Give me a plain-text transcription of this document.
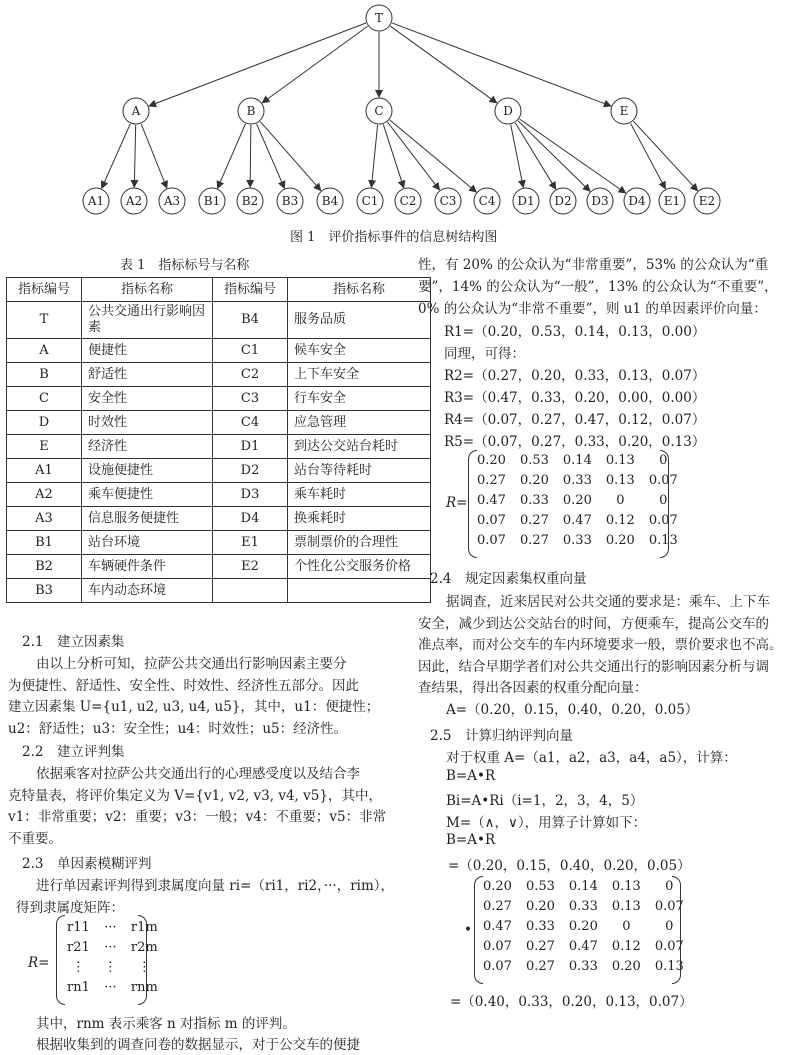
T
A	B	C	D	E
A1 A2 A3 B1 B2 B3 B4 C1 C2 C3 C4 D1 D2 D3 D4 E1 E2
图 1　评价指标事件的信息树结构图
表 1　指标标号与名称
指标编号	指标名称	指标编号	指标名称
T	公共交通出行影响因素	B4	服务品质
A	便捷性	C1	候车安全
B	舒适性	C2	上下车安全
C	安全性	C3	行车安全
D	时效性	C4	应急管理
E	经济性	D1	到达公交站台耗时
A1	设施便捷性	D2	站台等待耗时
A2	乘车便捷性	D3	乘车耗时
A3	信息服务便捷性	D4	换乘耗时
B1	站台环境	E1	票制票价的合理性
B2	车辆硬件条件	E2	个性化公交服务价格
B3	车内动态环境		
2.1　建立因素集
由以上分析可知，拉萨公共交通出行影响因素主要分
为便捷性、舒适性、安全性、时效性、经济性五部分。因此
建立因素集 U={u1, u2, u3, u4, u5}，其中，u1：便捷性；
u2：舒适性；u3：安全性；u4：时效性；u5：经济性。
2.2　建立评判集
依据乘客对拉萨公共交通出行的心理感受度以及结合李
克特量表，将评价集定义为 V={v1, v2, v3, v4, v5}，其中，
v1：非常重要；v2：重要；v3：一般；v4：不重要；v5：非常
不重要。
2.3　单因素模糊评判
进行单因素评判得到隶属度向量 ri=（ri1，ri2，···，rim），
得到隶属度矩阵：
R=
r11	···	r1m
r21	···	r2m
⋮	⋮	⋮
rn1	···	rnm
其中，rnm 表示乘客 n 对指标 m 的评判。
根据收集到的调查问卷的数据显示，对于公交车的便捷
性，有 20% 的公众认为“非常重要”，53% 的公众认为“重
要”，14% 的公众认为“一般”，13% 的公众认为“不重要”，
0% 的公众认为“非常不重要”，则 u1 的单因素评价向量：
R1=（0.20，0.53，0.14，0.13，0.00）
同理，可得：
R2=（0.27，0.20，0.33，0.13，0.07）
R3=（0.47，0.33，0.20，0.00，0.00）
R4=（0.07，0.27，0.47，0.12，0.07）
R5=（0.07，0.27，0.33，0.20，0.13）
R=
0.20	0.53	0.14	0.13	0
0.27	0.20	0.33	0.13	0.07
0.47	0.33	0.20	0	0
0.07	0.27	0.47	0.12	0.07
0.07	0.27	0.33	0.20	0.13
2.4　规定因素集权重向量
据调查，近来居民对公共交通的要求是：乘车、上下车
安全，减少到达公交站台的时间，方便乘车，提高公交车的
准点率，而对公交车的车内环境要求一般，票价要求也不高。
因此，结合早期学者们对公共交通出行的影响因素分析与调
查结果，得出各因素的权重分配向量：
A=（0.20，0.15，0.40，0.20，0.05）
2.5　计算归纳评判向量
对于权重 A=（a1，a2，a3，a4，a5），计算：
B=A•R
Bi=A•Ri（i=1，2，3，4，5）
M=（∧，∨），用算子计算如下：
B=A•R
=（0.20，0.15，0.40，0.20，0.05）
•
0.20	0.53	0.14	0.13	0
0.27	0.20	0.33	0.13	0.07
0.47	0.33	0.20	0	0
0.07	0.27	0.47	0.12	0.07
0.07	0.27	0.33	0.20	0.13
=（0.40，0.33，0.20，0.13，0.07）
